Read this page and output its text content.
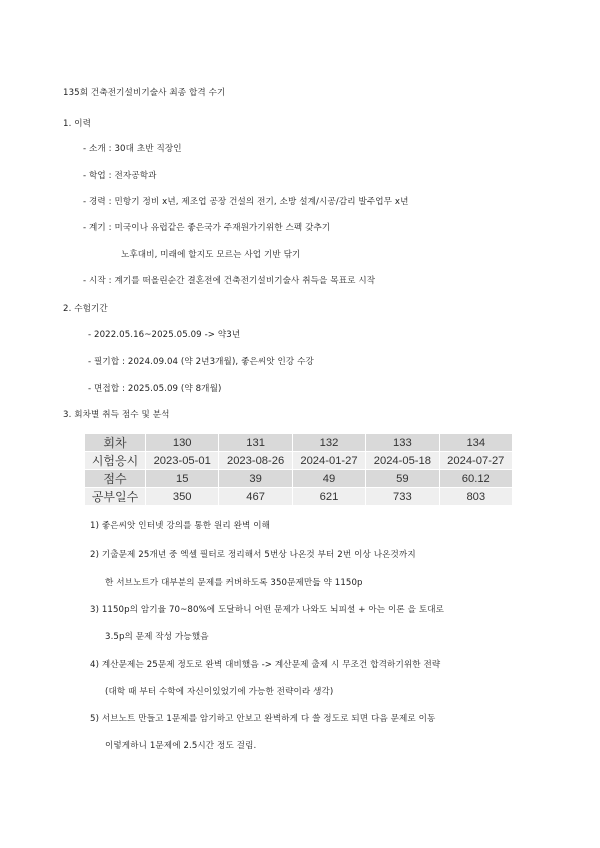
135회 건축전기설비기술사 최종 합격 수기
1. 이력
- 소개 : 30대 초반 직장인
- 학업 : 전자공학과
- 경력 : 민항기 정비 x년, 제조업 공장 건설의 전기, 소방 설계/시공/감리 발주업무 x년
- 계기 : 미국이나 유럽같은 좋은국가 주재원가기위한 스펙 갖추기
노후대비, 미래에 할지도 모르는 사업 기반 닦기
- 시작 : 계기를 떠올린순간 결혼전에 건축전기설비기술사 취득을 목표로 시작
2. 수험기간
- 2022.05.16~2025.05.09 -> 약3년
- 필기합 : 2024.09.04 (약 2년3개월), 좋은씨앗 인강 수강
- 면접합 : 2025.05.09 (약 8개월)
3. 회차별 취득 점수 및 분석
회차	130	131	132	133	134
시험응시	2023-05-01	2023-08-26	2024-01-27	2024-05-18	2024-07-27
점수	15	39	49	59	60.12
공부일수	350	467	621	733	803
1) 좋은씨앗 인터넷 강의를 통한 원리 완벽 이해
2) 기출문제 25개년 중 엑셀 필터로 정리해서 5번상 나온것 부터 2번 이상 나온것까지
한 서브노트가 대부분의 문제를 커버하도록 350문제만듦 약 1150p
3) 1150p의 암기율 70~80%에 도달하니 어떤 문제가 나와도 뇌피셜 + 아는 이론 을 토대로
3.5p의 문제 작성 가능했음
4) 계산문제는 25문제 정도로 완벽 대비했음 -> 계산문제 출제 시 무조건 합격하기위한 전략
(대학 때 부터 수학에 자신이있었기에 가능한 전략이라 생각)
5) 서브노트 만들고 1문제를 암기하고 안보고 완벽하게 다 쓸 정도로 되면 다음 문제로 이동
이렇게하니 1문제에 2.5시간 정도 걸림.
